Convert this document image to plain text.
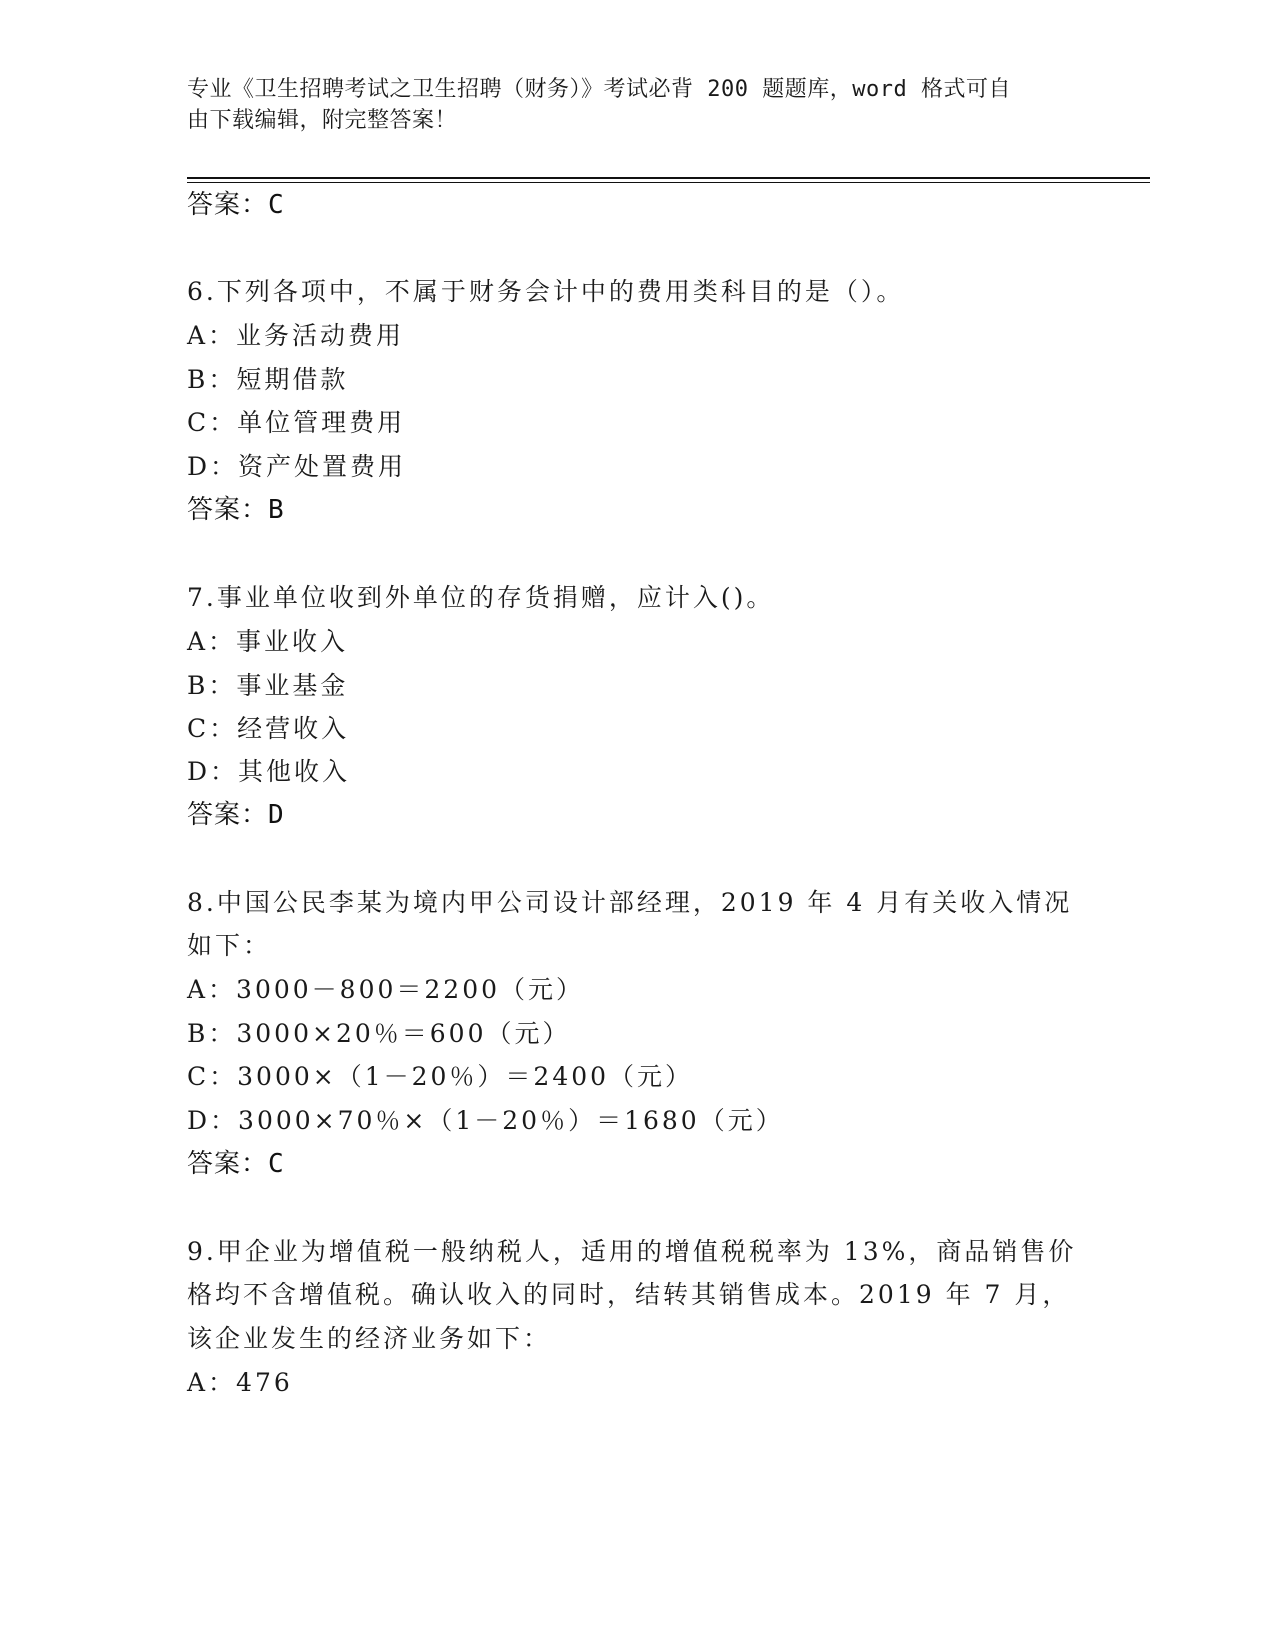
专业《卫生招聘考试之卫生招聘（财务）》考试必背 200 题题库，word 格式可自
由下载编辑，附完整答案！
答案：C
6.下列各项中，不属于财务会计中的费用类科目的是（）。
A：业务活动费用
B：短期借款
C：单位管理费用
D：资产处置费用
答案：B
7.事业单位收到外单位的存货捐赠，应计入()。
A：事业收入
B：事业基金
C：经营收入
D：其他收入
答案：D
8.中国公民李某为境内甲公司设计部经理，2019 年 4 月有关收入情况
如下：
A：3000－800＝2200（元）
B：3000×20％＝600（元）
C：3000×（1－20％）＝2400（元）
D：3000×70％×（1－20％）＝1680（元）
答案：C
9.甲企业为增值税一般纳税人，适用的增值税税率为 13%，商品销售价
格均不含增值税。确认收入的同时，结转其销售成本。2019 年 7 月，
该企业发生的经济业务如下：
A：476
